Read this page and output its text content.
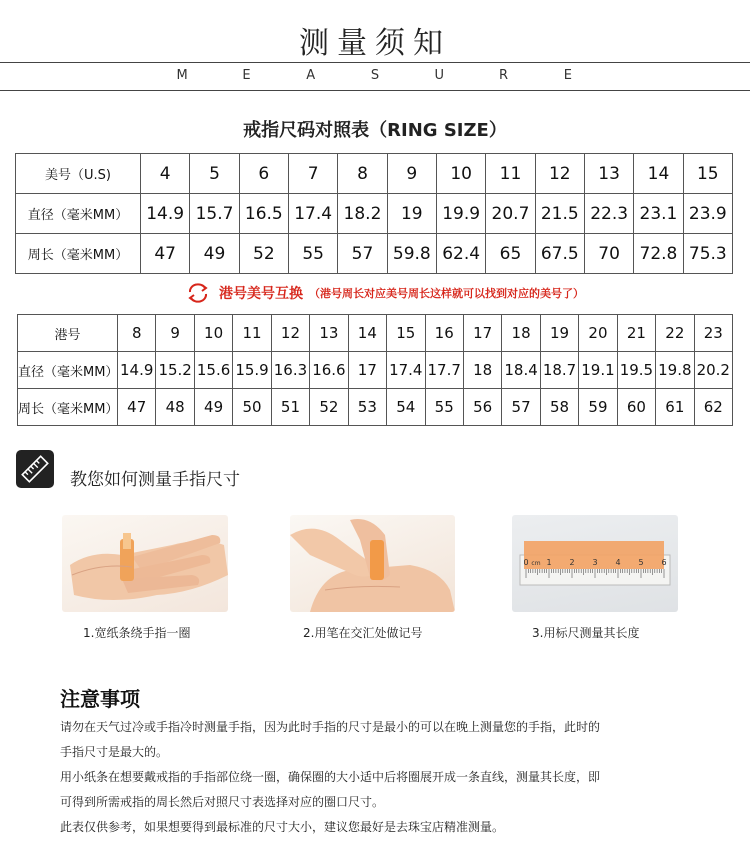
测量须知
M	E	A	S	U	R	E
戒指尺码对照表（RING SIZE）
美号（U.S)	4	5	6	7	8	9	10	11	12	13	14	15
直径（毫米MM）	14.9	15.7	16.5	17.4	18.2	19	19.9	20.7	21.5	22.3	23.1	23.9
周长（毫米MM）	47	49	52	55	57	59.8	62.4	65	67.5	70	72.8	75.3
港号美号互换 （港号周长对应美号周长这样就可以找到对应的美号了）
港号	8	9	10	11	12	13	14	15	16	17	18	19	20	21	22	23
直径（毫米MM）	14.9	15.2	15.6	15.9	16.3	16.6	17	17.4	17.7	18	18.4	18.7	19.1	19.5	19.8	20.2
周长（毫米MM）	47	48	49	50	51	52	53	54	55	56	57	58	59	60	61	62
教您如何测量手指尺寸
0 cm 1 2 3 4 5 6
1.宽纸条绕手指一圈	2.用笔在交汇处做记号	3.用标尺测量其长度
注意事项
请勿在天气过冷或手指冷时测量手指，因为此时手指的尺寸是最小的可以在晚上测量您的手指，此时的
手指尺寸是最大的。
用小纸条在想要戴戒指的手指部位绕一圈，确保圈的大小适中后将圈展开成一条直线，测量其长度，即
可得到所需戒指的周长然后对照尺寸表选择对应的圈口尺寸。
此表仅供参考，如果想要得到最标准的尺寸大小，建议您最好是去珠宝店精准测量。
